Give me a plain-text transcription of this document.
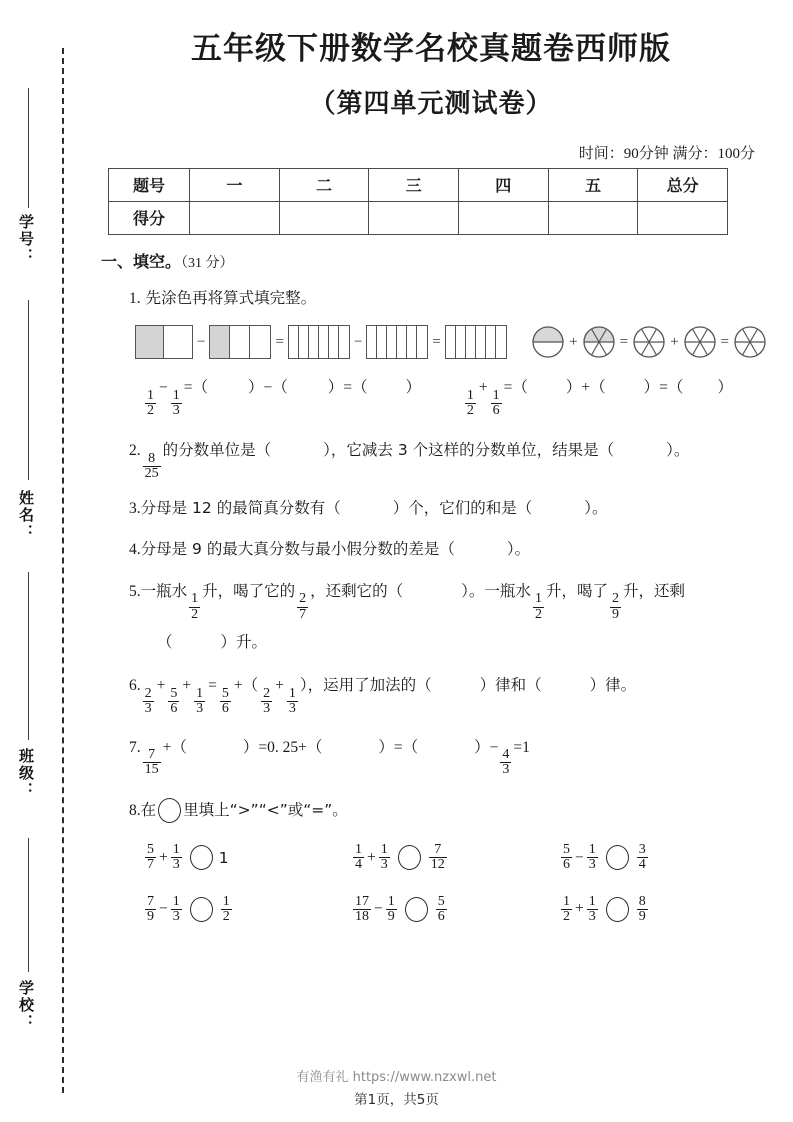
学号：
姓名：
班级：
学校：
五年级下册数学名校真题卷西师版
（第四单元测试卷）
时间：90分钟 满分：100分
题号	一	二	三	四	五	总分
得分						
一、填空。（31 分）
1. 先涂色再将算式填完整。
−	=	−	=	+	=	+	=
$\frac{1}{2}$
−
$\frac{1}{3}$
=（	）−（	）=（ ）
$\frac{1}{2}$
+
$\frac{1}{6}$
=（ ）+（ ）=（ ）
2.
$\frac{8}{25}$
的分数单位是（	），它减去 3 个这样的分数单位，结果是（	）。
3.分母是 12 的最简真分数有（	）个，它们的和是（	）。
4.分母是 9 的最大真分数与最小假分数的差是（	）。
5.一瓶水
$\frac{1}{2}$
升，喝了它的
$\frac{2}{7}$
，还剩它的（	）。一瓶水
$\frac{1}{2}$
升，喝了
$\frac{2}{9}$
升，还剩
（	）升。
6.
$\frac{2}{3}$
+
$\frac{5}{6}$
+
$\frac{1}{3}$
=
$\frac{5}{6}$
+（
$\frac{2}{3}$
+
$\frac{1}{3}$
），运用了加法的（	）律和（	）律。
7.
$\frac{7}{15}$
+（	）=0. 25+（	）=（	）−
$\frac{4}{3}$
=1
8.在 里填上“>”“<”或“=”。
$\frac{5}{7} + \frac{1}{3} 1$	$\frac{1}{4} + \frac{1}{3}$	$\frac{7}{12}$	$\frac{5}{6} - \frac{1}{3}$	$\frac{3}{4}$
$\frac{7}{9} - \frac{1}{3}$	$\frac{1}{2}$	$\frac{17}{18} - \frac{1}{9}$	$\frac{5}{6}$	$\frac{1}{2} + \frac{1}{3}$	$\frac{8}{9}$
有渔有礼 https://www.nzxwl.net
第1页，共5页
